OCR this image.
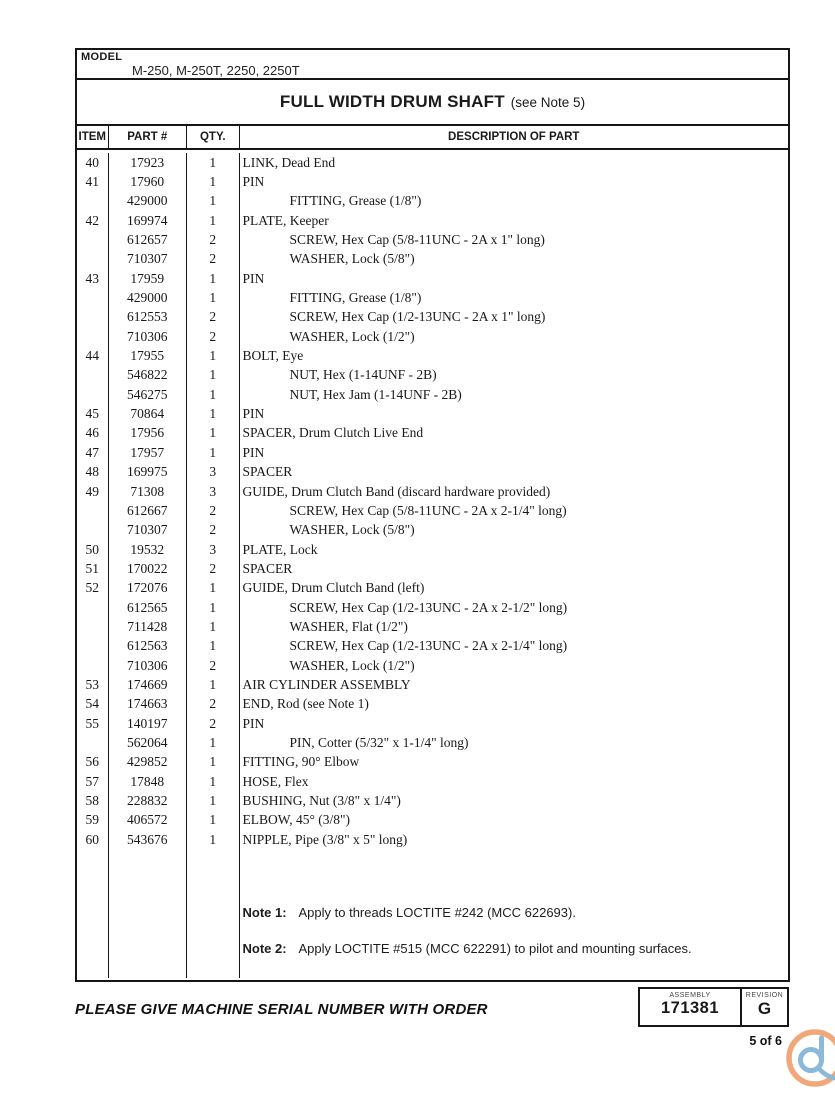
MODEL
M-250, M-250T, 2250, 2250T
FULL WIDTH DRUM SHAFT (see Note 5)
ITEM	PART #	QTY.	DESCRIPTION OF PART
40	17923	1	LINK, Dead End
41	17960	1	PIN
429000	1	FITTING, Grease (1/8")
42	169974	1	PLATE, Keeper
612657	2	SCREW, Hex Cap (5/8-11UNC - 2A x 1" long)
710307	2	WASHER, Lock (5/8")
43	17959	1	PIN
429000	1	FITTING, Grease (1/8")
612553	2	SCREW, Hex Cap (1/2-13UNC - 2A x 1" long)
710306	2	WASHER, Lock (1/2")
44	17955	1	BOLT, Eye
546822	1	NUT, Hex (1-14UNF - 2B)
546275	1	NUT, Hex Jam (1-14UNF - 2B)
45	70864	1	PIN
46	17956	1	SPACER, Drum Clutch Live End
47	17957	1	PIN
48	169975	3	SPACER
49	71308	3	GUIDE, Drum Clutch Band (discard hardware provided)
612667	2	SCREW, Hex Cap (5/8-11UNC - 2A x 2-1/4" long)
710307	2	WASHER, Lock (5/8")
50	19532	3	PLATE, Lock
51	170022	2	SPACER
52	172076	1	GUIDE, Drum Clutch Band (left)
612565	1	SCREW, Hex Cap (1/2-13UNC - 2A x 2-1/2" long)
711428	1	WASHER, Flat (1/2")
612563	1	SCREW, Hex Cap (1/2-13UNC - 2A x 2-1/4" long)
710306	2	WASHER, Lock (1/2")
53	174669	1	AIR CYLINDER ASSEMBLY
54	174663	2	END, Rod (see Note 1)
55	140197	2	PIN
562064	1	PIN, Cotter (5/32" x 1-1/4" long)
56	429852	1	FITTING, 90° Elbow
57	17848	1	HOSE, Flex
58	228832	1	BUSHING, Nut (3/8" x 1/4")
59	406572	1	ELBOW, 45° (3/8")
60	543676	1	NIPPLE, Pipe (3/8" x 5" long)
Note 1: Apply to threads LOCTITE #242 (MCC 622693).
Note 2: Apply LOCTITE #515 (MCC 622291) to pilot and mounting surfaces.
PLEASE GIVE MACHINE SERIAL NUMBER WITH ORDER
ASSEMBLY
171381
REVISION
G
5 of 6
